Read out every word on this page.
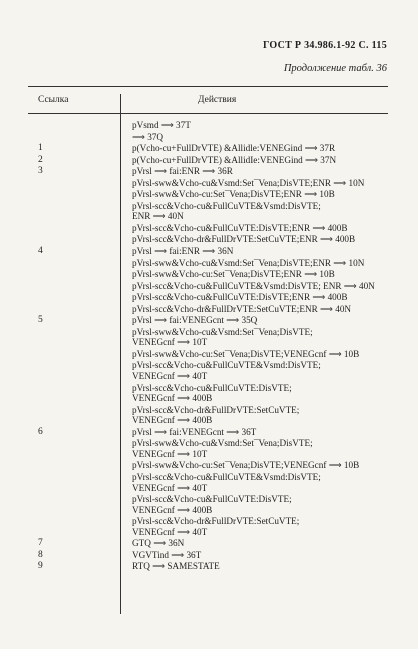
ГОСТ Р 34.986.1-92 С. 115
Продолжение табл. 36
Ссылка	Действия
pVsmd ⟹ 37T
⟹ 37Q
1	p(Vcho-cu+FullDrVTE) &Allidle:VENEGind ⟹ 37R
2	p(Vcho-cu+FullDrVTE) &AllidIe:VENEGind ⟹ 37N
3	pVrsl ⟹ fai:ENR ⟹ 36R
pVrsl-sww&Vcho-cu&Vsmd:Set¯Vena;DisVTE;ENR ⟹ 10N
pVrsl-sww&Vcho-cu:Set¯Vena;DisVTE;ENR ⟹ 10B
pVrsl-scc&Vcho-cu&FullCuVTE&Vsmd:DisVTE;
ENR ⟹ 40N
pVrsl-scc&Vcho-cu&FullCuVTE:DisVTE;ENR ⟹ 400B
pVrsl-scc&Vcho-dr&FullDrVTE:SetCuVTE;ENR ⟹ 400B
4	pVrsl ⟹ fai:ENR ⟹ 36N
pVrsl-sww&Vcho-cu&Vsmd:Set¯Vena;DisVTE;ENR ⟹ 10N
pVrsl-sww&Vcho-cu:Set¯Vena;DisVTE;ENR ⟹ 10B
pVrsl-scc&Vcho-cu&FullCuVTE&Vsmd:DisVTE; ENR ⟹ 40N
pVrsl-scc&Vcho-cu&FullCuVTE:DisVTE;ENR ⟹ 400B
pVrsl-scc&Vcho-dr&FullDrVTE:SetCuVTE;ENR ⟹ 40N
5	pVrsl ⟹ fai:VENEGcnt ⟹ 35Q
pVrsl-sww&Vcho-cu&Vsmd:Set¯Vena;DisVTE;
VENEGcnf ⟹ 10T
pVrsl-sww&Vcho-cu:Set¯Vena;DisVTE;VENEGcnf ⟹ 10B
pVrsl-scc&Vcho-cu&FullCuVTE&Vsmd:DisVTE;
VENEGcnf ⟹ 40T
pVrsl-scc&Vcho-cu&FullCuVTE:DisVTE;
VENEGcnf ⟹ 400B
pVrsl-scc&Vcho-dr&FullDrVTE:SetCuVTE;
VENEGcnf ⟹ 400B
6	pVrsl ⟹ fai:VENEGcnt ⟹ 36T
pVrsl-sww&Vcho-cu&Vsmd:Set¯Vena;DisVTE;
VENEGcnf ⟹ 10T
pVrsl-sww&Vcho-cu:Set¯Vena;DisVTE;VENEGcnf ⟹ 10B
pVrsl-scc&Vcho-cu&FullCuVTE&Vsmd:DisVTE;
VENEGcnf ⟹ 40T
pVrsl-scc&Vcho-cu&FullCuVTE:DisVTE;
VENEGcnf ⟹ 400B
pVrsl-scc&Vcho-dr&FullDrVTE:SetCuVTE;
VENEGcnf ⟹ 40T
7	GTQ ⟹ 36N
8	VGVTind ⟹ 36T
9	RTQ ⟹ SAMESTATE
